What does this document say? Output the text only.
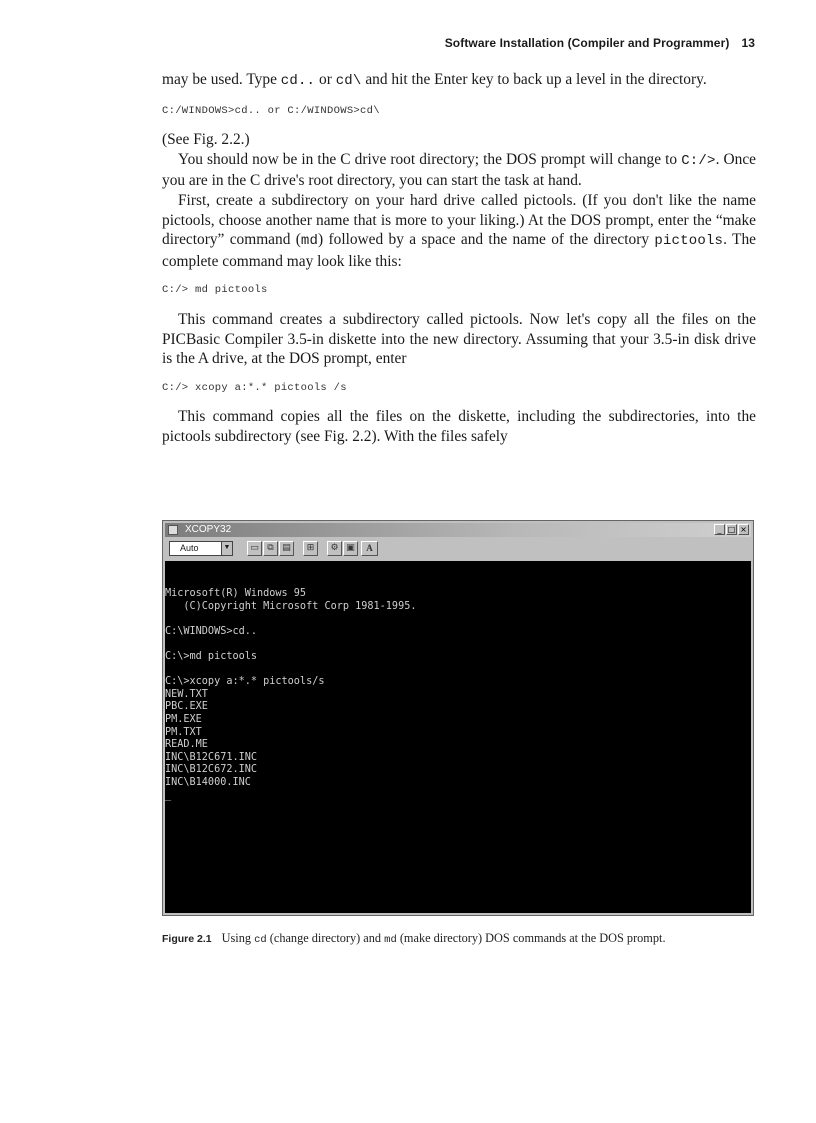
Software Installation (Compiler and Programmer) 13

may be used. Type cd.. or cd\ and hit the Enter key to back up a level in the directory.

C:/WINDOWS>cd.. or C:/WINDOWS>cd\

(See Fig. 2.2.)

You should now be in the C drive root directory; the DOS prompt will change to C:/>. Once you are in the C drive's root directory, you can start the task at hand.

First, create a subdirectory on your hard drive called pictools. (If you don't like the name pictools, choose another name that is more to your liking.) At the DOS prompt, enter the “make directory” command (md) followed by a space and the name of the directory pictools. The complete command may look like this:

C:/> md pictools

This command creates a subdirectory called pictools. Now let's copy all the files on the PICBasic Compiler 3.5-in diskette into the new directory. Assuming that your 3.5-in disk drive is the A drive, at the DOS prompt, enter

C:/> xcopy a:*.* pictools /s

This command copies all the files on the diskette, including the subdirectories, into the pictools subdirectory (see Fig. 2.2). With the files safely

XCOPY32	_ □ ×
Auto	▼	▭ ⧉ ▤	⊞	⚙ ▣	A
Microsoft(R) Windows 95
(C)Copyright Microsoft Corp 1981-1995.

C:\WINDOWS>cd..

C:\>md pictools

C:\>xcopy a:*.* pictools/s
NEW.TXT
PBC.EXE
PM.EXE
PM.TXT
READ.ME
INC\B12C671.INC
INC\B12C672.INC
INC\B14000.INC
_
Figure 2.1 Using cd (change directory) and md (make directory) DOS commands at the DOS prompt.
